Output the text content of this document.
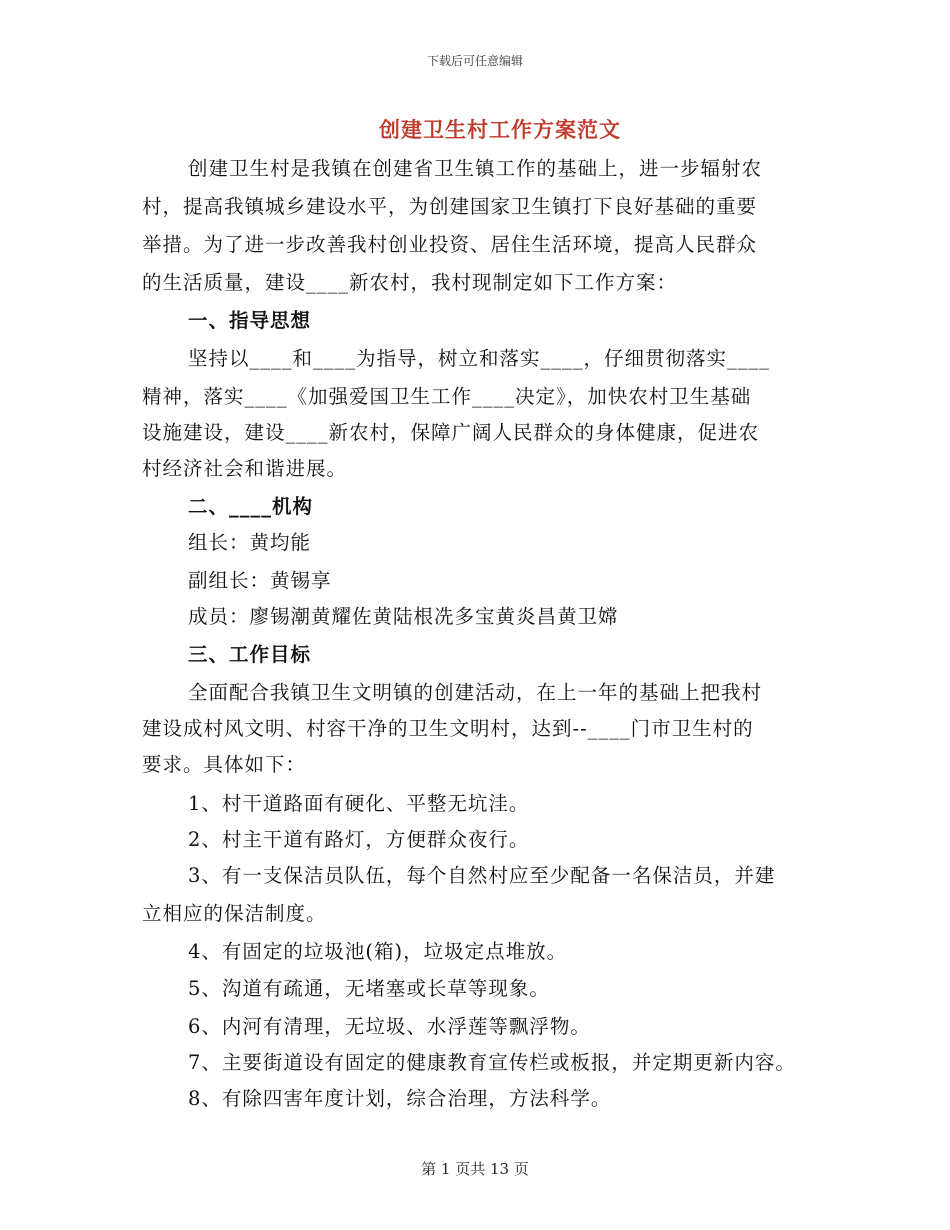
下载后可任意编辑
创建卫生村工作方案范文
创建卫生村是我镇在创建省卫生镇工作的基础上，进一步辐射农
村，提高我镇城乡建设水平，为创建国家卫生镇打下良好基础的重要
举措。为了进一步改善我村创业投资、居住生活环境，提高人民群众
的生活质量，建设____新农村，我村现制定如下工作方案：
一、指导思想
坚持以____和____为指导，树立和落实____，仔细贯彻落实____
精神，落实____《加强爱国卫生工作____决定》，加快农村卫生基础
设施建设，建设____新农村，保障广阔人民群众的身体健康，促进农
村经济社会和谐进展。
二、____机构
组长：黄均能
副组长：黄锡享
成员：廖锡潮黄耀佐黄陆根冼多宝黄炎昌黄卫嫦
三、工作目标
全面配合我镇卫生文明镇的创建活动，在上一年的基础上把我村
建设成村风文明、村容干净的卫生文明村，达到--____门市卫生村的
要求。具体如下：
1、村干道路面有硬化、平整无坑洼。
2、村主干道有路灯，方便群众夜行。
3、有一支保洁员队伍，每个自然村应至少配备一名保洁员，并建
立相应的保洁制度。
4、有固定的垃圾池(箱)，垃圾定点堆放。
5、沟道有疏通，无堵塞或长草等现象。
6、内河有清理，无垃圾、水浮莲等飘浮物。
7、主要街道设有固定的健康教育宣传栏或板报，并定期更新内容。
8、有除四害年度计划，综合治理，方法科学。
第 1 页共 13 页
